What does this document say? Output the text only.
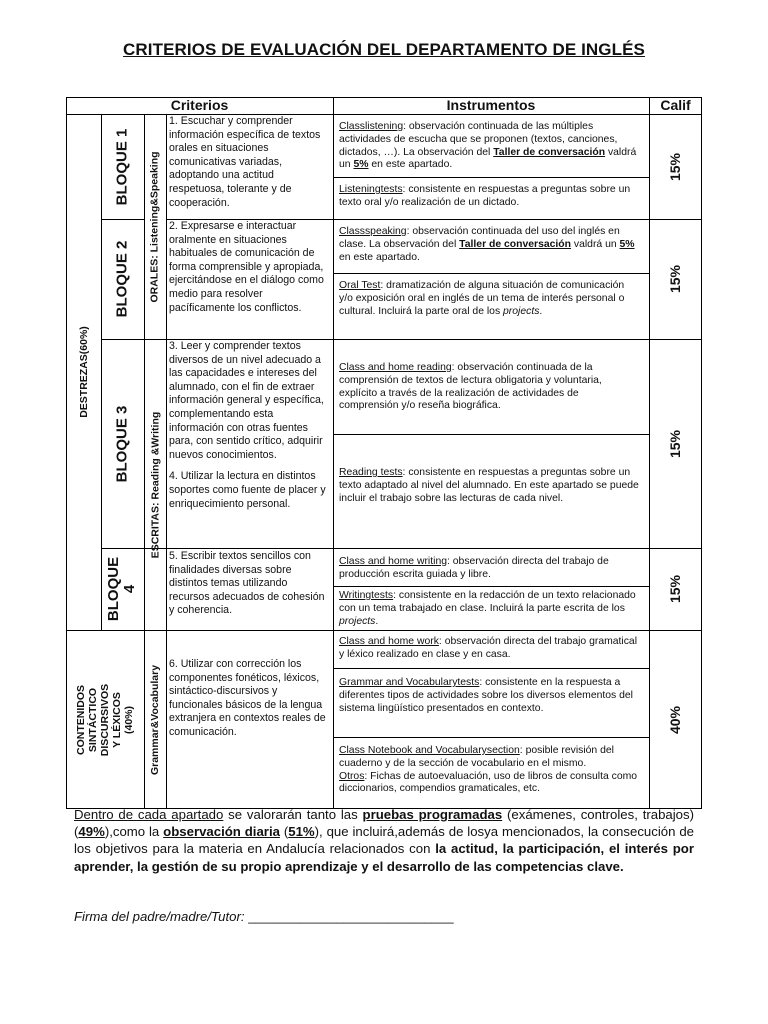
CRITERIOS DE EVALUACIÓN DEL DEPARTAMENTO DE INGLÉS
Criterios	Instrumentos	Calif
DESTREZAS(60%)
CONTENIDOS SINTÁCTICO DISCURSIVOS Y LÉXICOS (40%)
BLOQUE 1
BLOQUE 2
BLOQUE 3
BLOQUE
4
ORALES: Listening&Speaking
ESCRITAS: Reading &Writing
Grammar&Vocabulary
1. Escuchar y comprender información específica de textos orales en situaciones comunicativas variadas, adoptando una actitud respetuosa, tolerante y de cooperación.
2. Expresarse e interactuar oralmente en situaciones habituales de comunicación de forma comprensible y apropiada, ejercitándose en el diálogo como medio para resolver pacíficamente los conflictos.

3. Leer y comprender textos diversos de un nivel adecuado a las capacidades e intereses del alumnado, con el fin de extraer información general y específica, complementando esta información con otras fuentes para, con sentido crítico, adquirir nuevos conocimientos.

4. Utilizar la lectura en distintos soportes como fuente de placer y enriquecimiento personal.

5. Escribir textos sencillos con finalidades diversas sobre distintos temas utilizando recursos adecuados de cohesión y coherencia.
6. Utilizar con corrección los componentes fonéticos, léxicos, sintáctico-discursivos y funcionales básicos de la lengua extranjera en contextos reales de comunicación.
Classlistening: observación continuada de las múltiples actividades de escucha que se proponen (textos, canciones, dictados, …). La observación del Taller de conversación valdrá un 5% en este apartado.
Listeningtests: consistente en respuestas a preguntas sobre un texto oral y/o realización de un dictado.
Classspeaking: observación continuada del uso del inglés en clase. La observación del Taller de conversación valdrá un 5% en este apartado.
Oral Test: dramatización de alguna situación de comunicación y/o exposición oral en inglés de un tema de interés personal o cultural. Incluirá la parte oral de los projects.
Class and home reading: observación continuada de la comprensión de textos de lectura obligatoria y voluntaria, explícito a través de la realización de actividades de comprensión y/o reseña biográfica.
Reading tests: consistente en respuestas a preguntas sobre un texto adaptado al nivel del alumnado. En este apartado se puede incluir el trabajo sobre las lecturas de cada nivel.
Class and home writing: observación directa del trabajo de producción escrita guiada y libre.
Writingtests: consistente en la redacción de un texto relacionado con un tema trabajado en clase. Incluirá la parte escrita de los projects.
Class and home work: observación directa del trabajo gramatical y léxico realizado en clase y en casa.
Grammar and Vocabularytests: consistente en la respuesta a diferentes tipos de actividades sobre los diversos elementos del sistema lingüístico presentados en contexto.
Class Notebook and Vocabularysection: posible revisión del cuaderno y de la sección de vocabulario en el mismo.
Otros: Fichas de autoevaluación, uso de libros de consulta como diccionarios, compendios gramaticales, etc.
15%
15%
15%
15%
40%
Dentro de cada apartado se valorarán tanto las pruebas programadas (exámenes, controles, trabajos) (49%),como la observación diaria (51%), que incluirá,además de losya mencionados, la consecución de los objetivos para la materia en Andalucía relacionados con la actitud, la participación, el interés por aprender, la gestión de su propio aprendizaje y el desarrollo de las competencias clave.
Firma del padre/madre/Tutor: ____________________________
